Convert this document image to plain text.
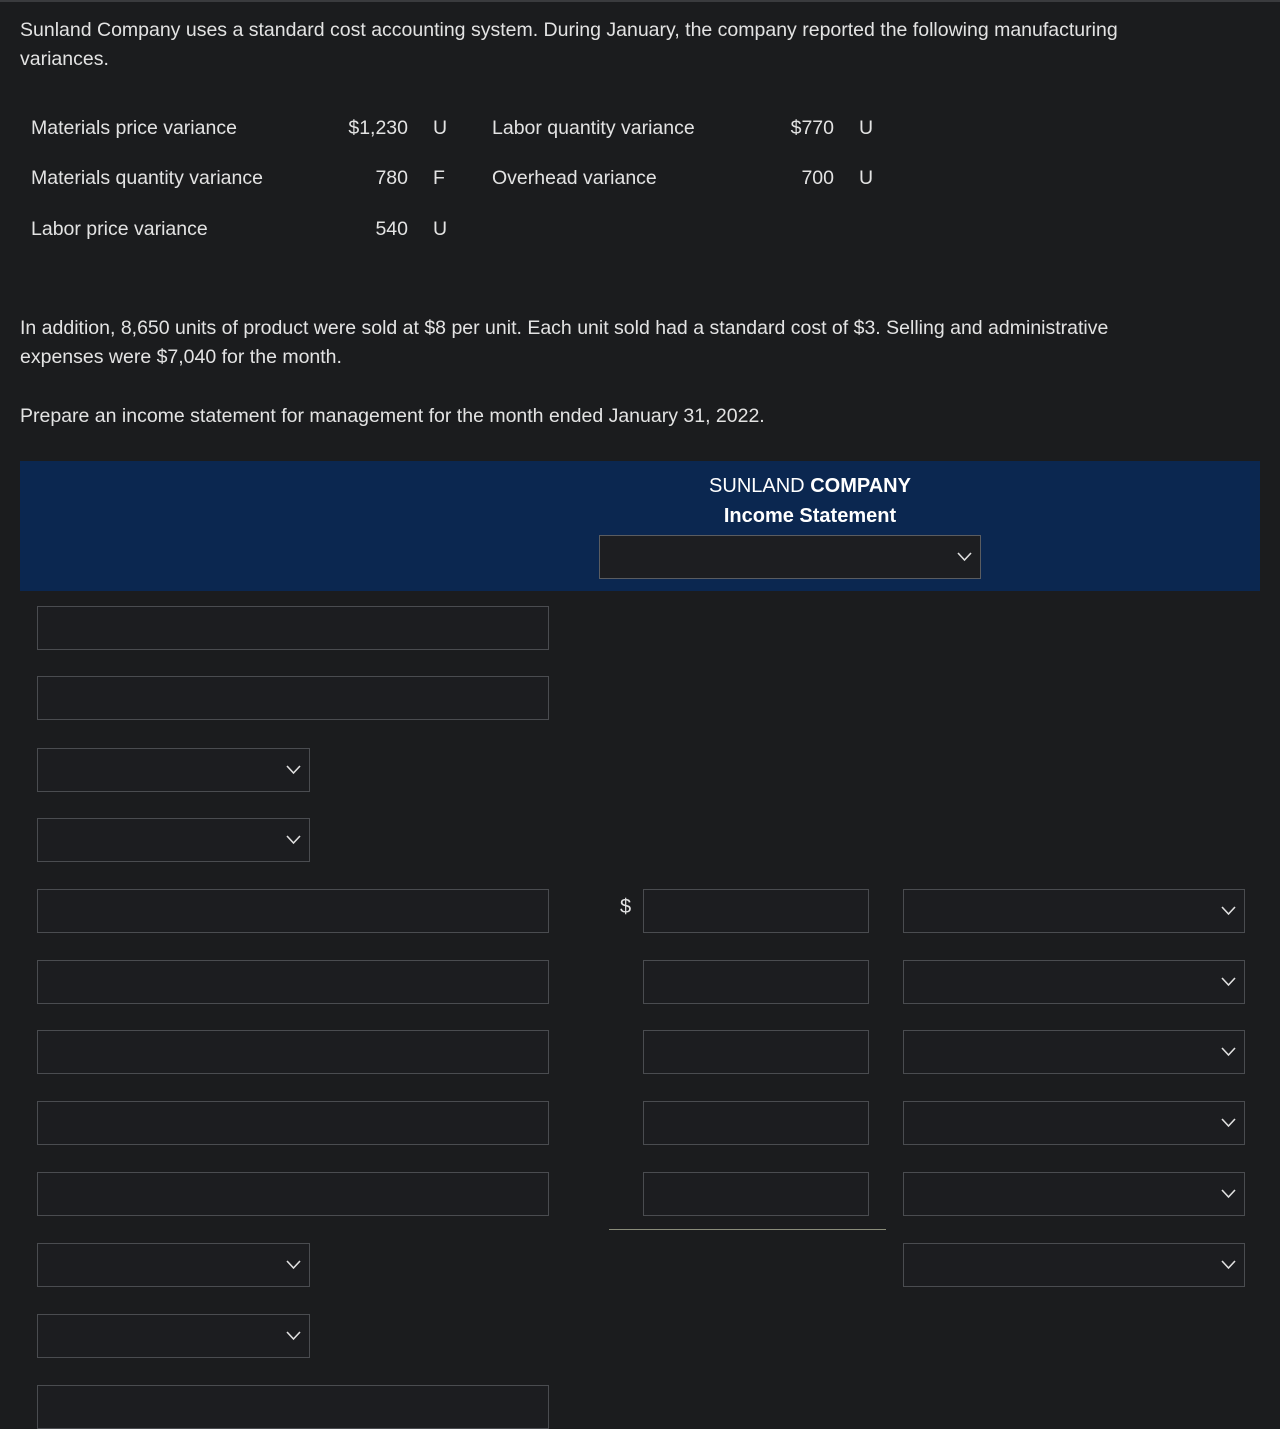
Sunland Company uses a standard cost accounting system. During January, the company reported the following manufacturing
variances.
Materials price variance	$1,230 U
Materials quantity variance	780 F
Labor price variance	540 U
Labor quantity variance	$770 U
Overhead variance	700 U
In addition, 8,650 units of product were sold at $8 per unit. Each unit sold had a standard cost of $3. Selling and administrative
expenses were $7,040 for the month.
Prepare an income statement for management for the month ended January 31, 2022.
SUNLAND COMPANY
Income Statement
$
